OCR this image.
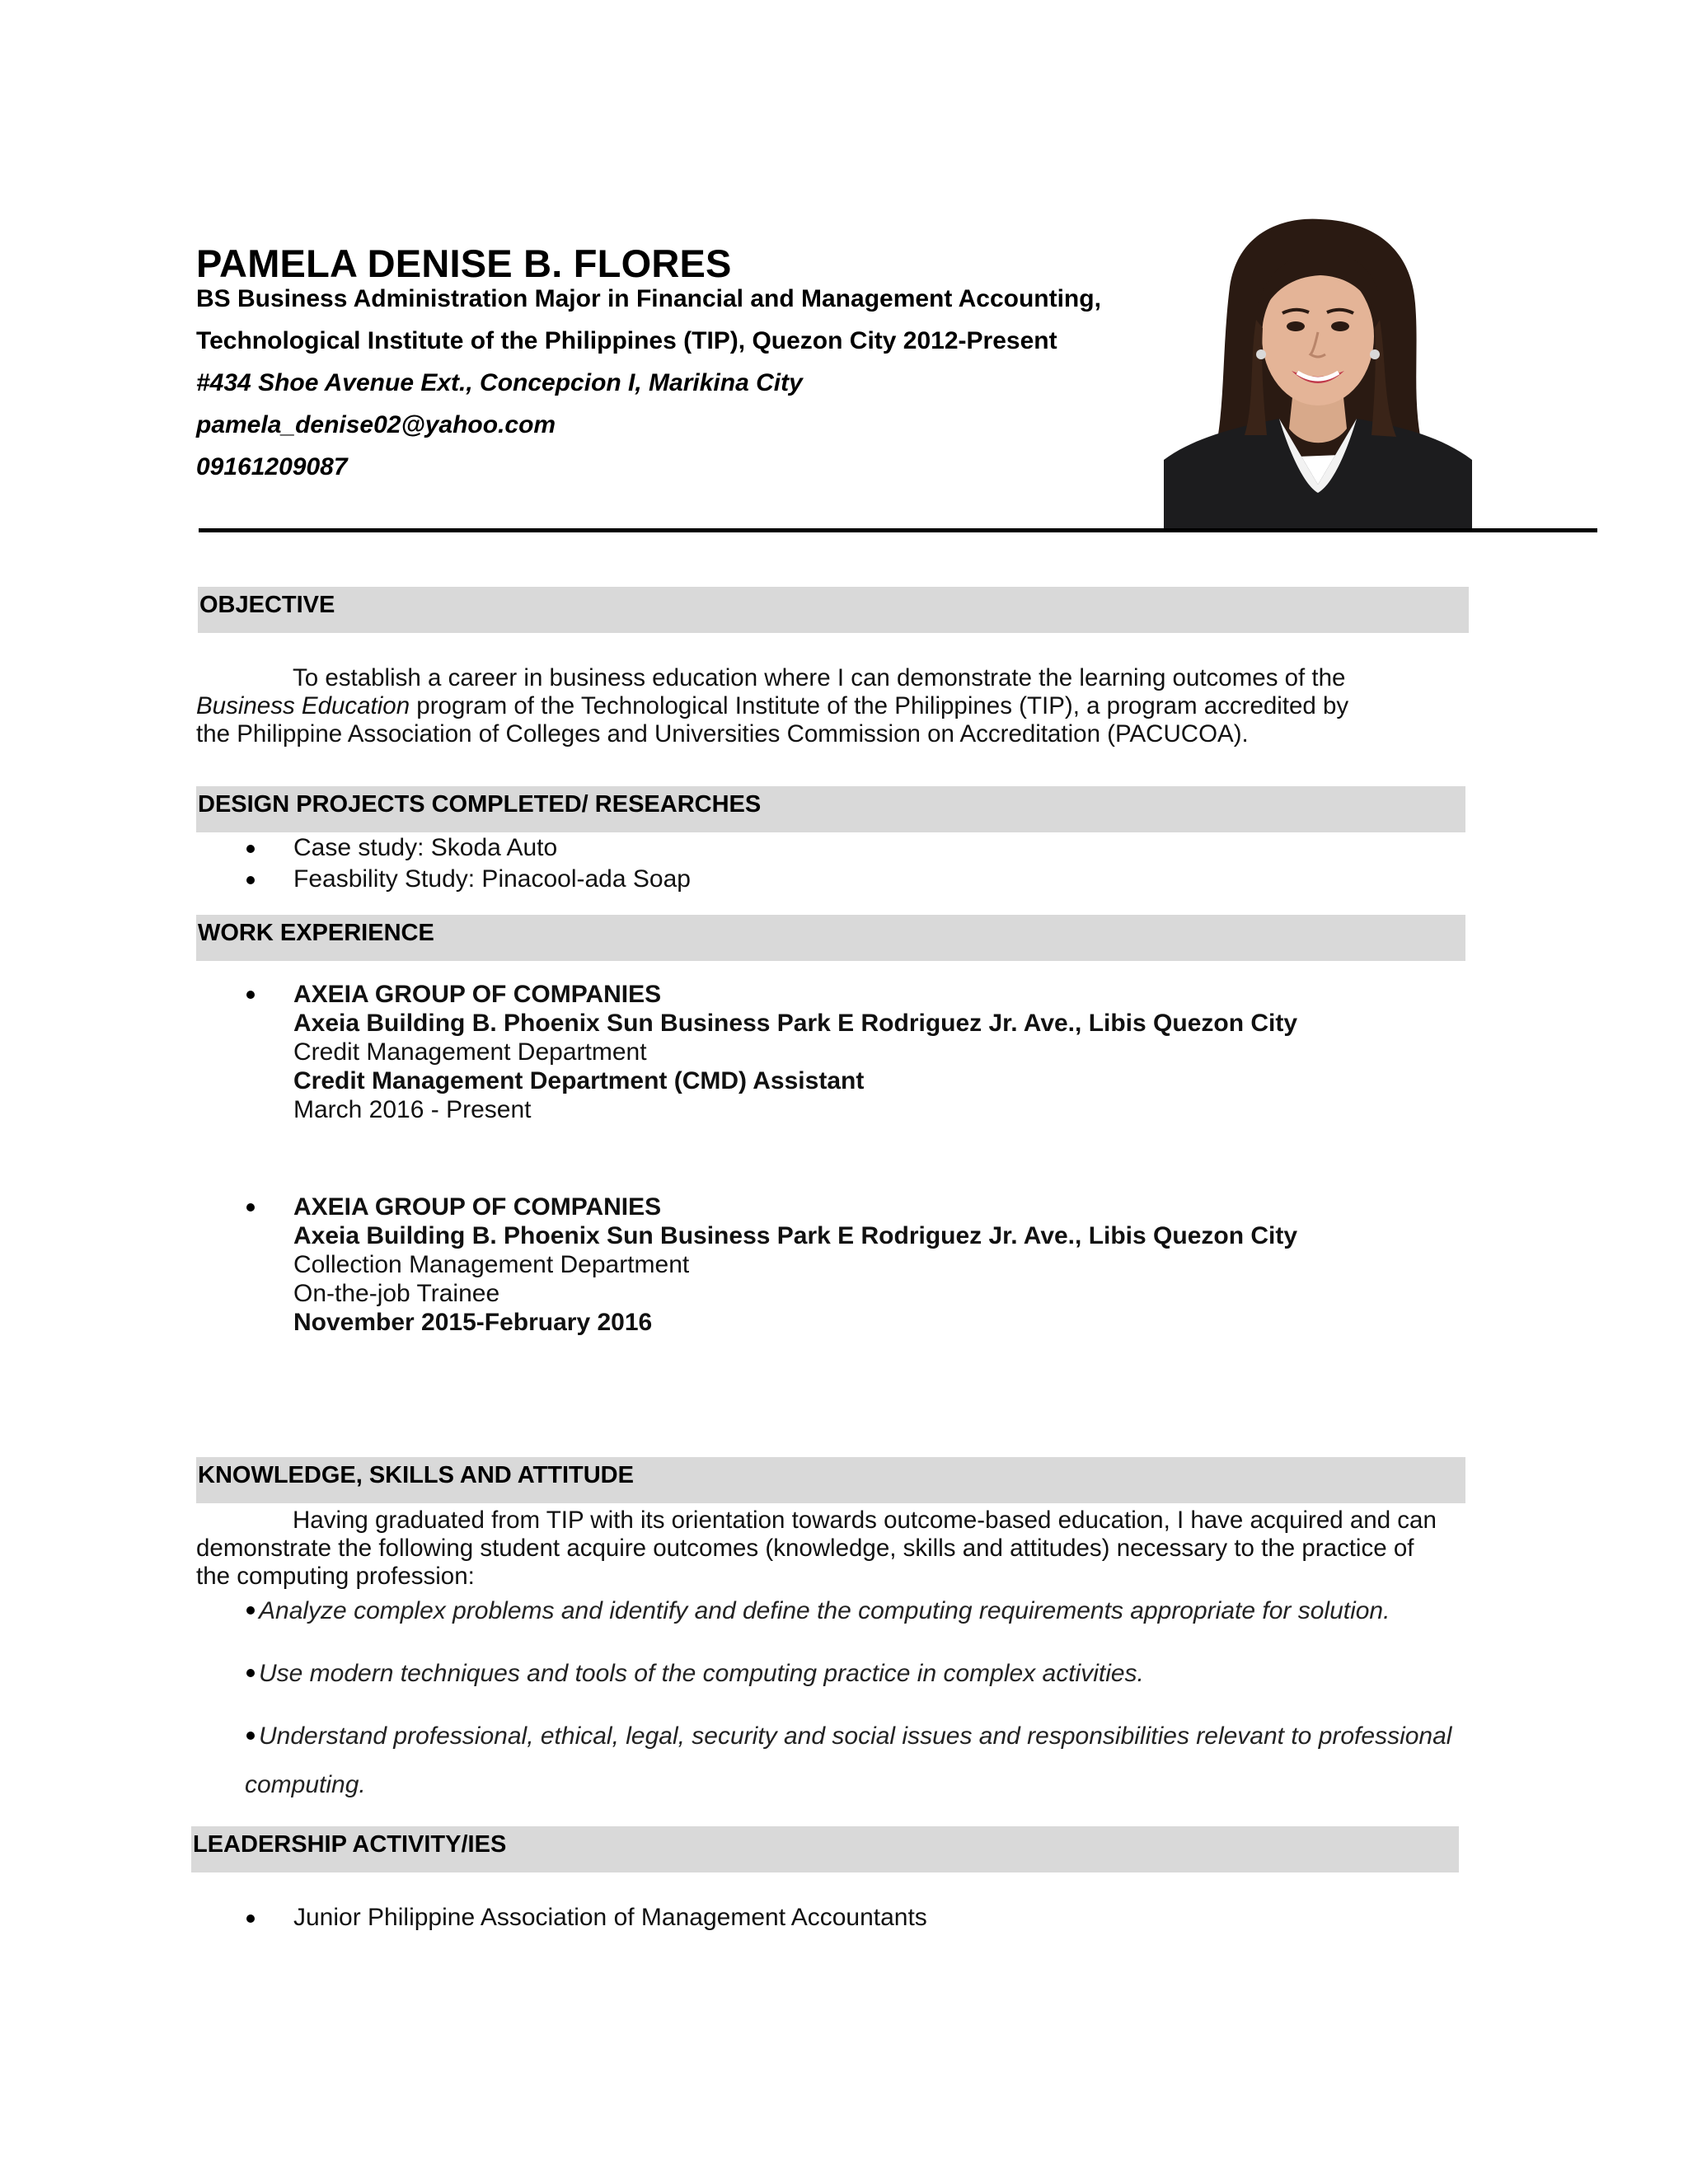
PAMELA DENISE B. FLORES
BS Business Administration Major in Financial and Management Accounting,
Technological Institute of the Philippines (TIP), Quezon City 2012-Present
#434 Shoe Avenue Ext., Concepcion I, Marikina City
pamela_denise02@yahoo.com
09161209087
OBJECTIVE
To establish a career in business education where I can demonstrate the learning outcomes of the
Business Education program of the Technological Institute of the Philippines (TIP), a program accredited by
the Philippine Association of Colleges and Universities Commission on Accreditation (PACUCOA).
DESIGN PROJECTS COMPLETED/ RESEARCHES
Case study: Skoda Auto
Feasbility Study: Pinacool-ada Soap
WORK EXPERIENCE
AXEIA GROUP OF COMPANIES
Axeia Building B. Phoenix Sun Business Park E Rodriguez Jr. Ave., Libis Quezon City
Credit Management Department
Credit Management Department (CMD) Assistant
March 2016 - Present
AXEIA GROUP OF COMPANIES
Axeia Building B. Phoenix Sun Business Park E Rodriguez Jr. Ave., Libis Quezon City
Collection Management Department
On-the-job Trainee
November 2015-February 2016
KNOWLEDGE, SKILLS AND ATTITUDE
Having graduated from TIP with its orientation towards outcome-based education, I have acquired and can
demonstrate the following student acquire outcomes (knowledge, skills and attitudes) necessary to the practice of
the computing profession:
Analyze complex problems and identify and define the computing requirements appropriate for solution.
Use modern techniques and tools of the computing practice in complex activities.
Understand professional, ethical, legal, security and social issues and responsibilities relevant to professional
computing.
LEADERSHIP ACTIVITY/IES
Junior Philippine Association of Management Accountants
